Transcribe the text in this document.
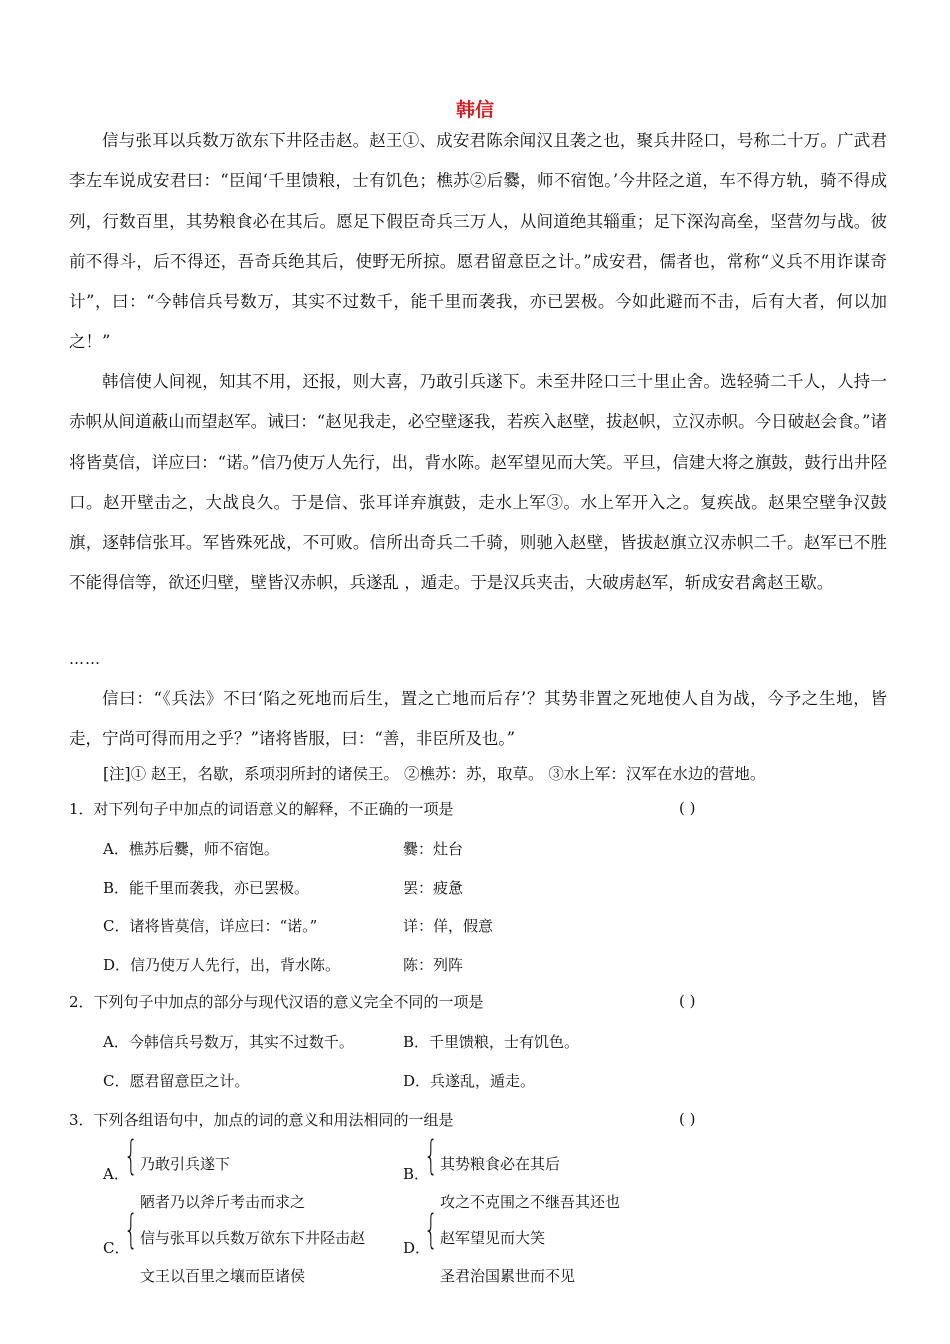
韩信

信与张耳以兵数万欲东下井陉击赵。赵王①、成安君陈余闻汉且袭之也，聚兵井陉口，号称二十万。广武君李左车说成安君曰：“臣闻‘千里馈粮，士有饥色；樵苏②后爨，师不宿饱。’今井陉之道，车不得方轨，骑不得成列，行数百里，其势粮食必在其后。愿足下假臣奇兵三万人，从间道绝其辎重；足下深沟高垒，坚营勿与战。彼前不得斗，后不得还，吾奇兵绝其后，使野无所掠。愿君留意臣之计。”成安君，儒者也，常称“义兵不用诈谋奇计”，曰：“今韩信兵号数万，其实不过数千，能千里而袭我，亦已罢极。今如此避而不击，后有大者，何以加之！”

韩信使人间视，知其不用，还报，则大喜，乃敢引兵遂下。未至井陉口三十里止舍。选轻骑二千人，人持一赤帜从间道蔽山而望赵军。诫曰：“赵见我走，必空壁逐我，若疾入赵壁，拔赵帜，立汉赤帜。今日破赵会食。”诸将皆莫信，详应曰：“诺。”信乃使万人先行，出，背水陈。赵军望见而大笑。平旦，信建大将之旗鼓，鼓行出井陉口。赵开壁击之，大战良久。于是信、张耳详弃旗鼓，走水上军③。水上军开入之。复疾战。赵果空壁争汉鼓旗，逐韩信张耳。军皆殊死战，不可败。信所出奇兵二千骑，则驰入赵壁，皆拔赵旗立汉赤帜二千。赵军已不胜不能得信等，欲还归壁，壁皆汉赤帜，兵遂乱 ，遁走。于是汉兵夹击，大破虏赵军，斩成安君禽赵王歇。

……

信曰：“《兵法》不曰‘陷之死地而后生，置之亡地而后存’？其势非置之死地使人自为战，今予之生地，皆走，宁尚可得而用之乎？”诸将皆服，曰：“善，非臣所及也。”

[注]① 赵王，名歇，系项羽所封的诸侯王。 ②樵苏：苏，取草。 ③水上军：汉军在水边的营地。
1．对下列句子中加点的词语意义的解释，不正确的一项是	( )
A．樵苏后爨，师不宿饱。	爨：灶台
B．能千里而袭我，亦已罢极。	罢：疲惫
C．诸将皆莫信，详应曰：“诺。”	详：佯，假意
D．信乃使万人先行，出，背水陈。	陈：列阵
2．下列句子中加点的部分与现代汉语的意义完全不同的一项是	( )
A．今韩信兵号数万，其实不过数千。	B．千里馈粮，士有饥色。
C．愿君留意臣之计。	D．兵遂乱，遁走。
3．下列各组语句中，加点的词的意义和用法相同的一组是	( )
A．
{ 乃敢引兵遂下
陋者乃以斧斤考击而求之
B．
{ 其势粮食必在其后
攻之不克围之不继吾其还也
C．
{ 信与张耳以兵数万欲东下井陉击赵
文王以百里之壤而臣诸侯
D．
{ 赵军望见而大笑
圣君治国累世而不见
